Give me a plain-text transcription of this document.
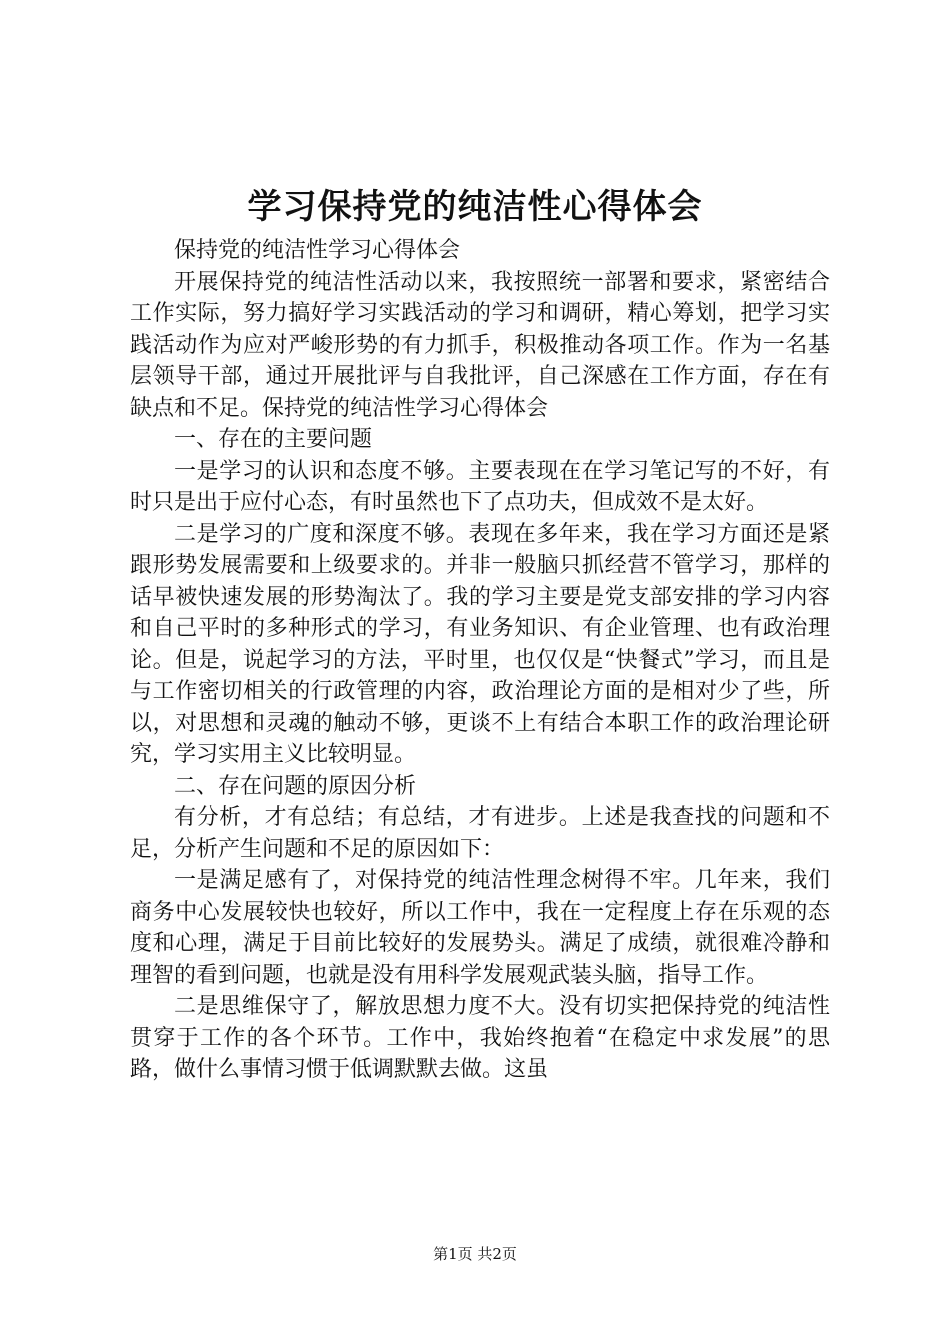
学习保持党的纯洁性心得体会

保持党的纯洁性学习心得体会

开展保持党的纯洁性活动以来，我按照统一部署和要求，紧密结合工作实际，努力搞好学习实践活动的学习和调研，精心筹划，把学习实践活动作为应对严峻形势的有力抓手，积极推动各项工作。作为一名基层领导干部，通过开展批评与自我批评，自己深感在工作方面，存在有缺点和不足。保持党的纯洁性学习心得体会

一、存在的主要问题

一是学习的认识和态度不够。主要表现在在学习笔记写的不好，有时只是出于应付心态，有时虽然也下了点功夫，但成效不是太好。

二是学习的广度和深度不够。表现在多年来，我在学习方面还是紧跟形势发展需要和上级要求的。并非一般脑只抓经营不管学习，那样的话早被快速发展的形势淘汰了。我的学习主要是党支部安排的学习内容和自己平时的多种形式的学习，有业务知识、有企业管理、也有政治理论。但是，说起学习的方法，平时里，也仅仅是“快餐式”学习，而且是与工作密切相关的行政管理的内容，政治理论方面的是相对少了些，所以，对思想和灵魂的触动不够，更谈不上有结合本职工作的政治理论研究，学习实用主义比较明显。

二、存在问题的原因分析

有分析，才有总结；有总结，才有进步。上述是我查找的问题和不足，分析产生问题和不足的原因如下：

一是满足感有了，对保持党的纯洁性理念树得不牢。几年来，我们商务中心发展较快也较好，所以工作中，我在一定程度上存在乐观的态度和心理，满足于目前比较好的发展势头。满足了成绩，就很难冷静和理智的看到问题，也就是没有用科学发展观武装头脑，指导工作。

二是思维保守了，解放思想力度不大。没有切实把保持党的纯洁性贯穿于工作的各个环节。工作中，我始终抱着“在稳定中求发展”的思路，做什么事情习惯于低调默默去做。这虽

第1页 共2页
